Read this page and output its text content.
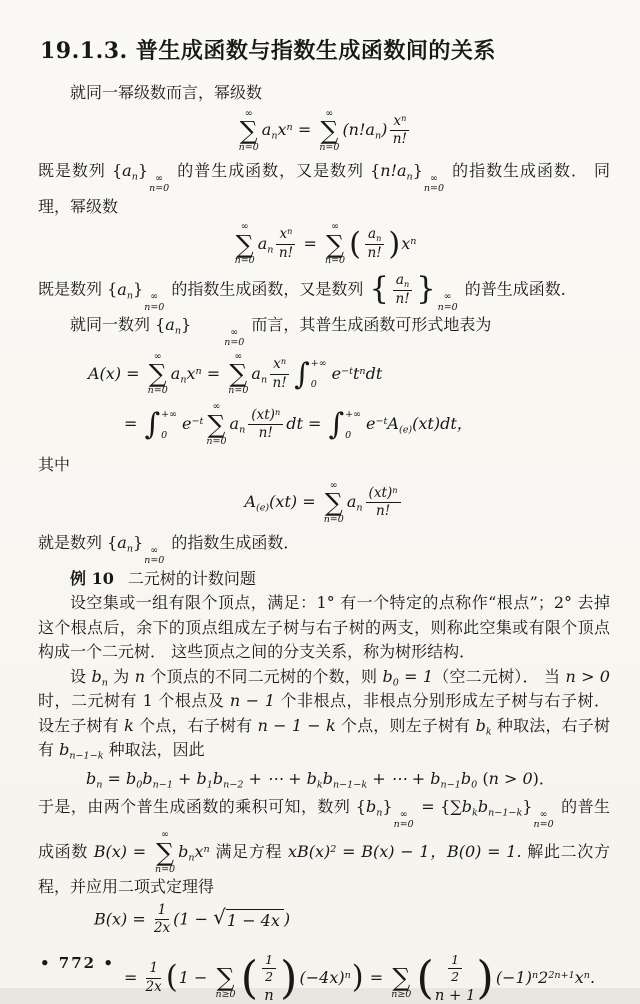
19.1.3. 普生成函数与指数生成函数间的关系

就同一幂级数而言，幂级数

∞
∑
n=0
$a_nx^n$ =
∞
∑
n=0
$(n!a_n) \frac{x^n}{n!}$

既是数列 $\{a_n\}$ ∞
n=0
的普生成函数，又是数列 $\{n!a_n\}$ ∞
n=0
的指数生成函数． 同理，幂级数

∞
∑
n=0
$a_n \frac{x^n}{n!}$ =
∞
∑
n=0 ( $\frac{a_n}{n!} )x^n$

既是数列 $\{a_n\}$ ∞
n=0
的指数生成函数，又是数列 { $\frac{a_n}{n!}$ } ∞
n=0
的普生成函数．

就同一数列 $\{a_n\}$	∞
n=0
而言，其普生成函数可形式地表为

A(x) =
∞
∑
n=0
$a_nx^n$ =
∞
∑
n=0
$a_n \frac{x^n}{n!}$ ∫ +∞
0
$e^{-t}t^ndt$
= ∫ +∞
0
$e^{-t}$
∞
∑
n=0
$a_n \frac{(xt)^n}{n!}$ dt = ∫ +∞
0
$e^{-t}A_{(e)}(xt)dt$，

其中

$A_{(e)}(xt)$ =
∞
∑
n=0
$a_n \frac{(xt)^n}{n!}$

就是数列 $\{a_n\}$ ∞
n=0
的指数生成函数．

例 10 二元树的计数问题

设空集或一组有限个顶点，满足：1° 有一个特定的点称作“根点”；2° 去掉这个根点后，余下的顶点组成左子树与右子树的两支，则称此空集或有限个顶点构成一个二元树． 这些顶点之间的分支关系，称为树形结构．

设 $b_n$ 为 n 个顶点的不同二元树的个数，则 $b_0 = 1$（空二元树）． 当 n > 0 时，二元树有 1 个根点及 n − 1 个非根点，非根点分别形成左子树与右子树． 设左子树有 k 个点，右子树有 n − 1 − k 个点，则左子树有 $b_k$ 种取法，右子树有 $b_{n-1-k}$ 种取法，因此

$b_n = b_0b_{n-1} + b_1b_{n-2}$ + ⋯ + $b_kb_{n-1-k}$ + ⋯ + $b_{n-1}b_0$ (n > 0)．

于是，由两个普生成函数的乘积可知，数列 $\{b_n\}$ ∞
n=0
= $\{\sum b_kb_{n-1-k}\}$ ∞
n=0
的普生成函数 B(x) =
∞
∑
n=0
$b_nx^n$ 满足方程 $xB(x)^2 = B(x) - 1$，B(0) = 1. 解此二次方程，并应用二项式定理得

$B(x) = \frac{1}{2x} (1$ − √ 1 − 4x )
= $\frac{1}{2x} (1$ − ∑
n≥0 ( $\frac{1}{2}$
n ) $(-4x)^n$) = ∑
n≥0 ( $\frac{1}{2}$
n + 1 ) $(-1)^n2^{2n+1}x^n$.
• 772 •
